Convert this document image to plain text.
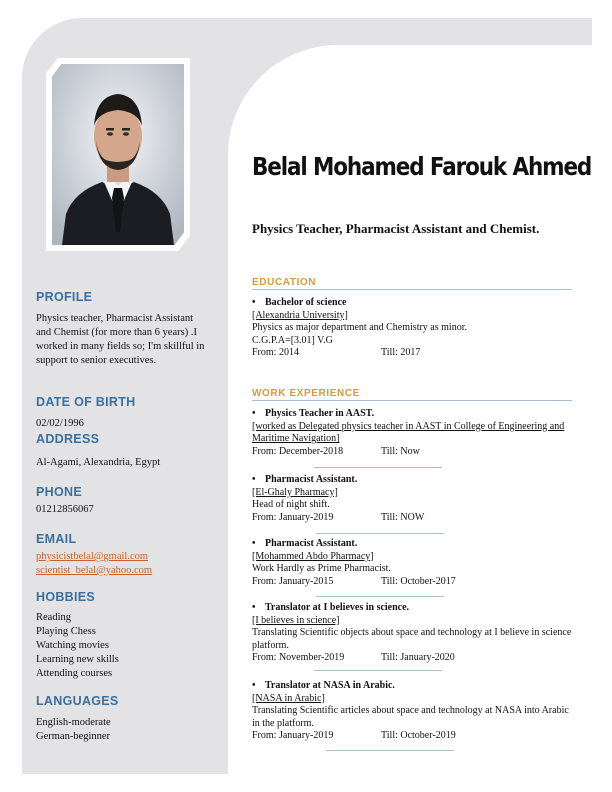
PROFILE
Physics teacher, Pharmacist Assistant and Chemist (for more than 6 years) .I worked in many fields so; I'm skillful in support to senior executives.
DATE OF BIRTH
02/02/1996
ADDRESS
Al-Agami, Alexandria, Egypt
PHONE
01212856067
EMAIL
physicistbelal@gmail.com
scientist_belal@yahoo.com
HOBBIES
Reading
Playing Chess
Watching movies
Learning new skills
Attending courses
LANGUAGES
English-moderate
German-beginner
Belal Mohamed Farouk Ahmed
Physics Teacher, Pharmacist Assistant and Chemist.
EDUCATION
• Bachelor of science
[Alexandria University]
Physics as major department and Chemistry as minor.
C.G.P.A=[3.01] V.G
From: 2014	Till: 2017
WORK EXPERIENCE
• Physics Teacher in AAST.
[worked as Delegated physics teacher in AAST in College of Engineering and Maritime Navigation]
From: December-2018	Till: Now
• Pharmacist Assistant.
[El-Ghaly Pharmacy]
Head of night shift.
From: January-2019	Till: NOW
• Pharmacist Assistant.
[Mohammed Abdo Pharmacy]
Work Hardly as Prime Pharmacist.
From: January-2015	Till: October-2017
• Translator at I believes in science.
[I believes in science]
Translating Scientific objects about space and technology at I believe in science platform.
From: November-2019	Till: January-2020
• Translator at NASA in Arabic.
[NASA in Arabic]
Translating Scientific articles about space and technology at NASA into Arabic in the platform.
From: January-2019	Till: October-2019
